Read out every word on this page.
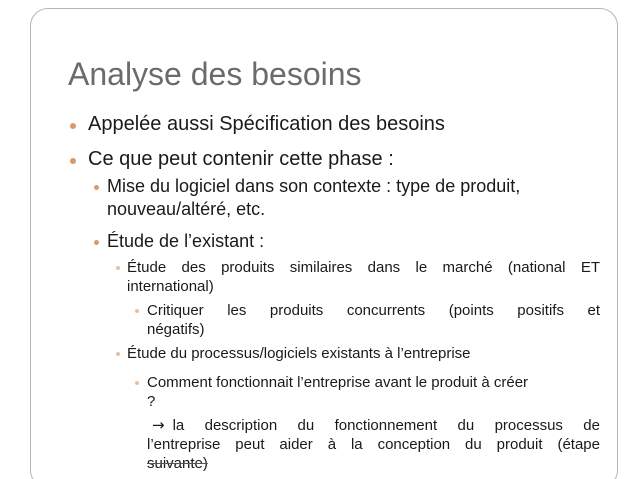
Analyse des besoins
Appelée aussi Spécification des besoins
Ce que peut contenir cette phase :
Mise du logiciel dans son contexte : type de produit,
nouveau/altéré, etc.
Étude de l’existant :
Étude des produits similaires dans le marché (national ET
international)
Critiquer les produits concurrents (points positifs et
négatifs)
Étude du processus/logiciels existants à l’entreprise
Comment fonctionnait l’entreprise avant le produit à créer
?
→ la description du fonctionnement du processus de
l’entreprise peut aider à la conception du produit (étape
suivante)
